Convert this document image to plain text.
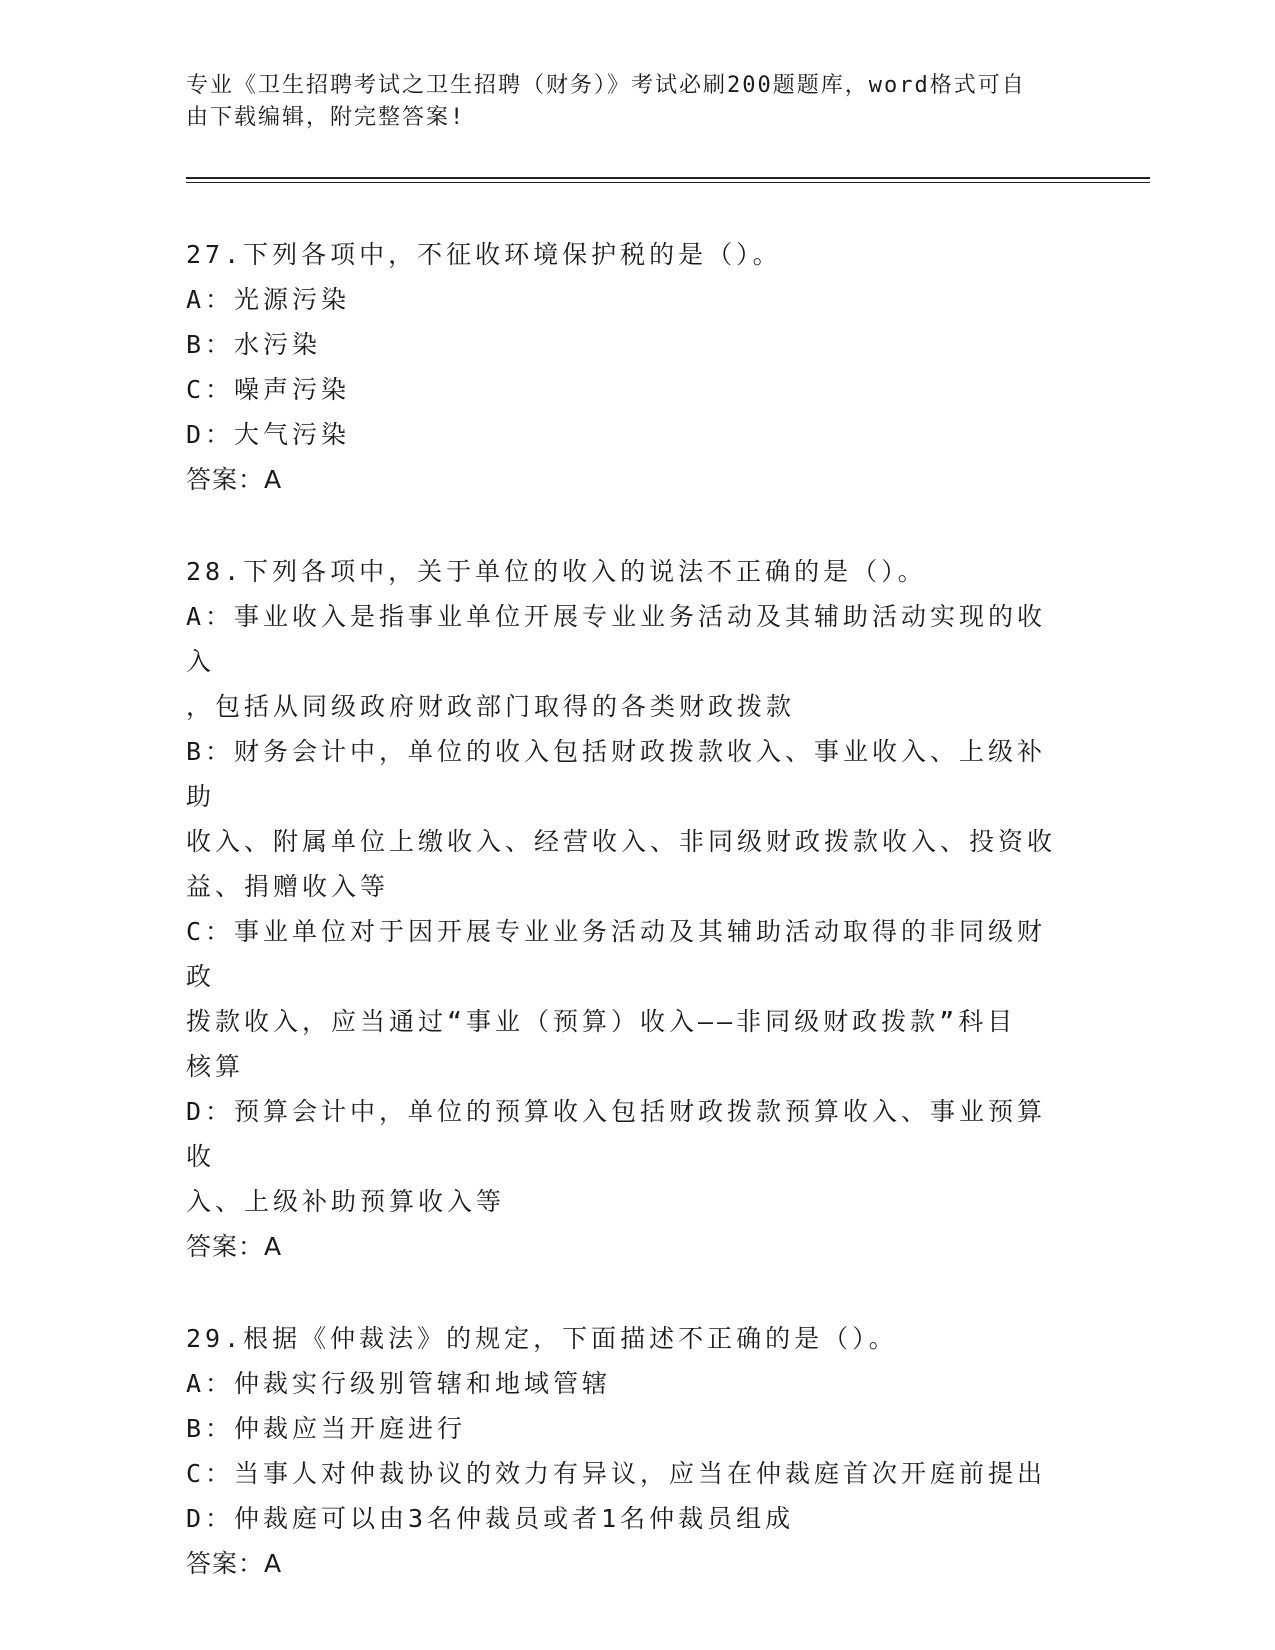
专业《卫生招聘考试之卫生招聘（财务）》考试必刷200题题库，word格式可自
由下载编辑，附完整答案!
27.下列各项中，不征收环境保护税的是（）。
A：光源污染
B：水污染
C：噪声污染
D：大气污染
答案：A
28.下列各项中，关于单位的收入的说法不正确的是（）。
A：事业收入是指事业单位开展专业业务活动及其辅助活动实现的收入
，包括从同级政府财政部门取得的各类财政拨款
B：财务会计中，单位的收入包括财政拨款收入、事业收入、上级补助
收入、附属单位上缴收入、经营收入、非同级财政拨款收入、投资收
益、捐赠收入等
C：事业单位对于因开展专业业务活动及其辅助活动取得的非同级财政
拨款收入，应当通过“事业（预算）收入——非同级财政拨款”科目
核算
D：预算会计中，单位的预算收入包括财政拨款预算收入、事业预算收
入、上级补助预算收入等
答案：A
29.根据《仲裁法》的规定，下面描述不正确的是（）。
A：仲裁实行级别管辖和地域管辖
B：仲裁应当开庭进行
C：当事人对仲裁协议的效力有异议，应当在仲裁庭首次开庭前提出
D：仲裁庭可以由3名仲裁员或者1名仲裁员组成
答案：A
